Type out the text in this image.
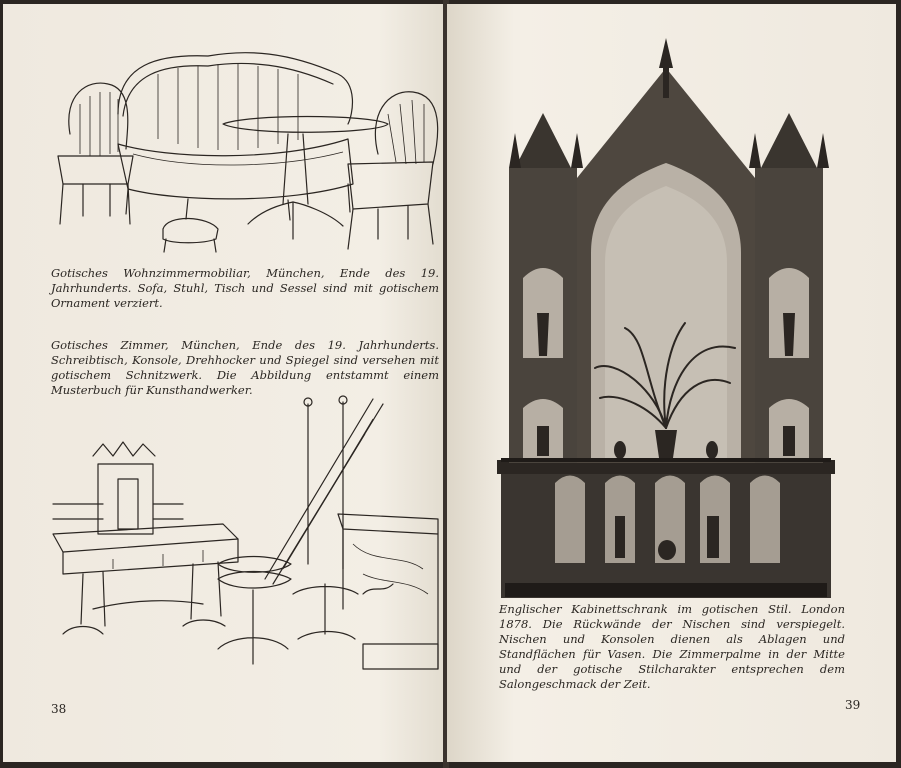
Gotisches Wohnzimmermobiliar, München, Ende des 19. Jahrhunderts. Sofa, Stuhl, Tisch und Sessel sind mit gotischem Ornament verziert.

Gotisches Zimmer, München, Ende des 19. Jahrhunderts. Schreibtisch, Konsole, Drehhocker und Spiegel sind versehen mit gotischem Schnitzwerk. Die Abbildung entstammt einem Musterbuch für Kunsthandwerker.

38

Englischer Kabinettschrank im gotischen Stil. London 1878. Die Rückwände der Nischen sind verspiegelt. Nischen und Konsolen dienen als Ablagen und Standflächen für Vasen. Die Zimmerpalme in der Mitte und der gotische Stilcharakter entsprechen dem Salongeschmack der Zeit.

39
